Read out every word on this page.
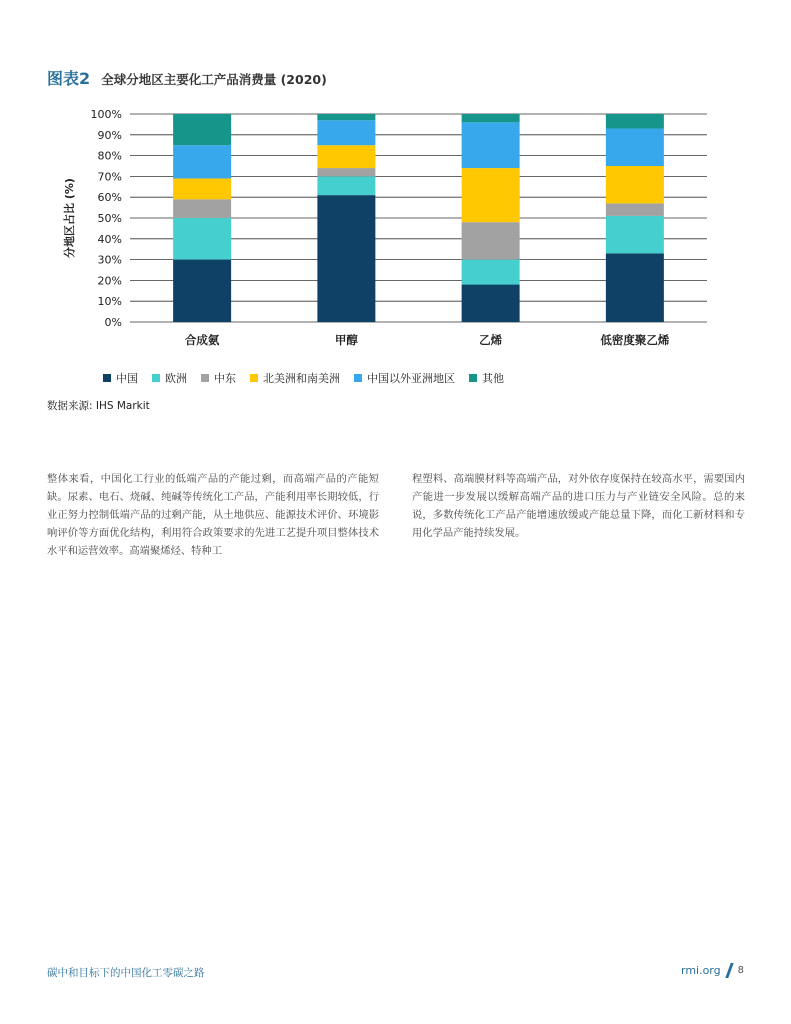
图表2 全球分地区主要化工产品消费量 (2020)
0%
10%
20%
30%
40%
50%
60%
70%
80%
90%
100%
分地区占比 (%)
合成氨	甲醇	乙烯	低密度聚乙烯
中国 欧洲 中东 北美洲和南美洲 中国以外亚洲地区 其他
数据来源: IHS Markit
整体来看，中国化工行业的低端产品的产能过剩，而高端产品的产能短缺。尿素、电石、烧碱、纯碱等传统化工产品，产能利用率长期较低，行业正努力控制低端产品的过剩产能，从土地供应、能源技术评价、环境影响评价等方面优化结构，利用符合政策要求的先进工艺提升项目整体技术水平和运营效率。高端聚烯烃、特种工
程塑料、高端膜材料等高端产品，对外依存度保持在较高水平，需要国内产能进一步发展以缓解高端产品的进口压力与产业链安全风险。总的来说，多数传统化工产品产能增速放缓或产能总量下降，而化工新材料和专用化学品产能持续发展。
碳中和目标下的中国化工零碳之路	rmi.org 8
